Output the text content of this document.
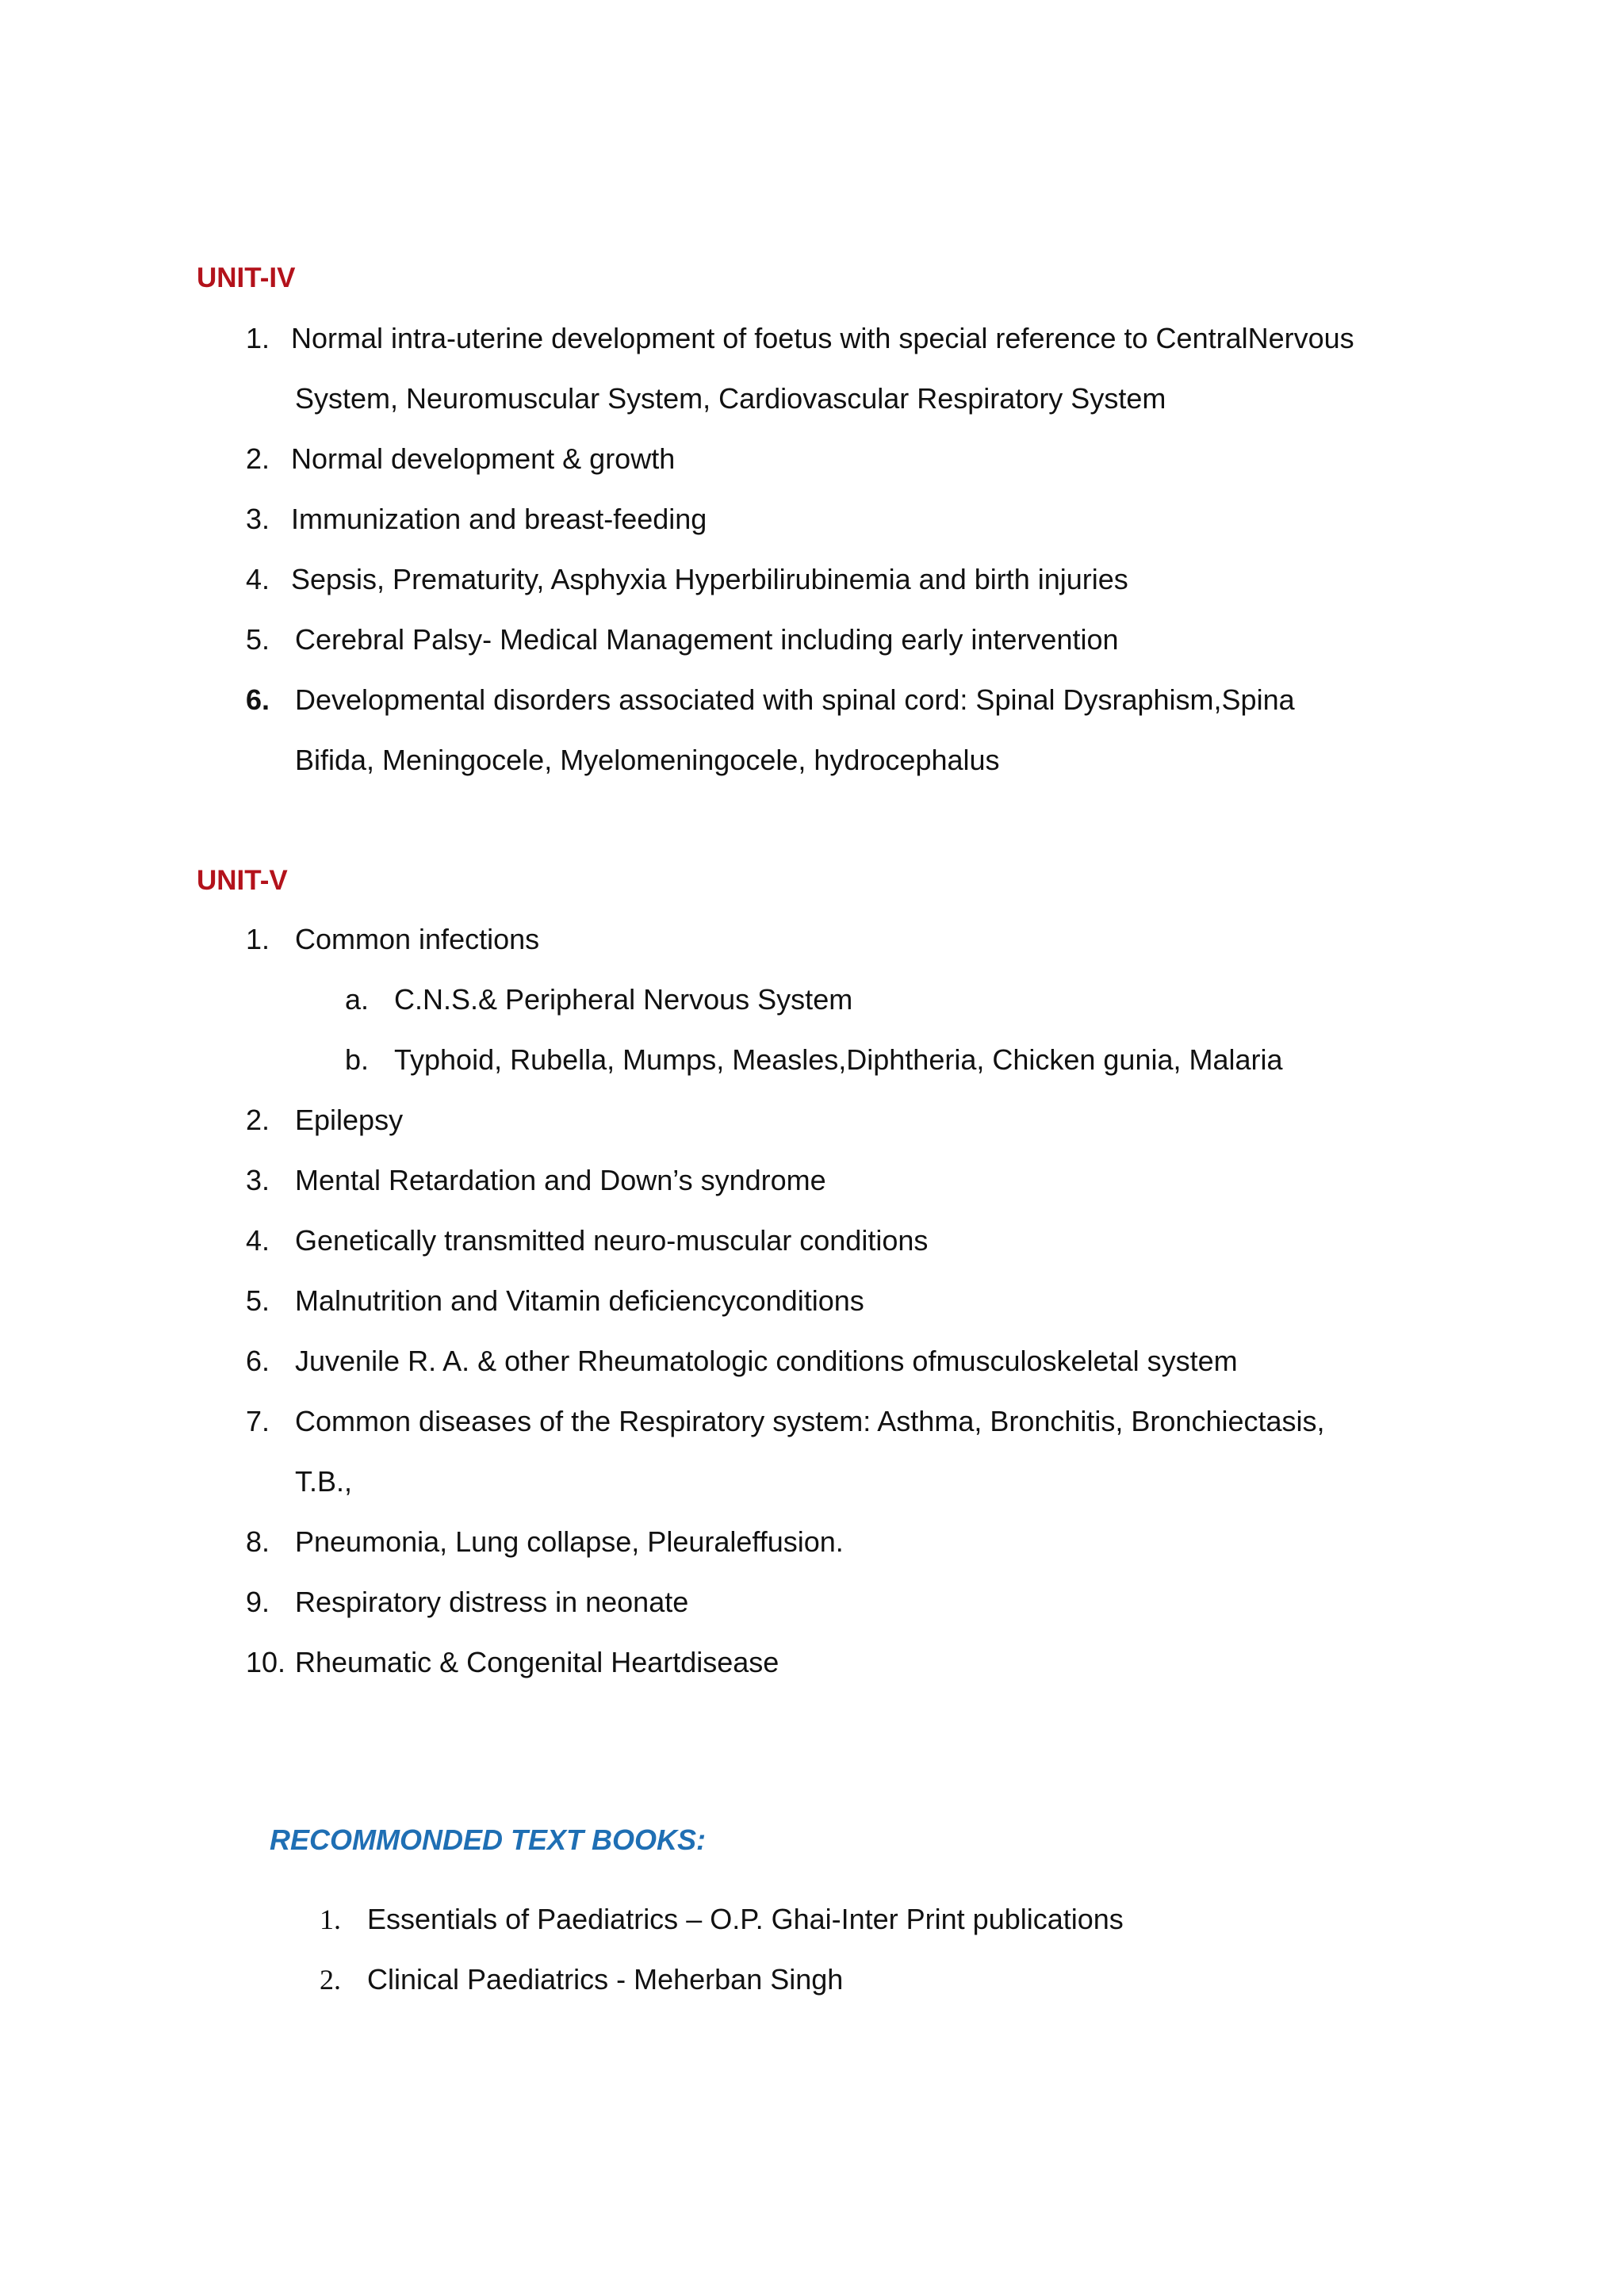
UNIT-IV
1. Normal intra-uterine development of foetus with special reference to CentralNervous
System, Neuromuscular System, Cardiovascular Respiratory System
2. Normal development & growth
3. Immunization and breast-feeding
4. Sepsis, Prematurity, Asphyxia Hyperbilirubinemia and birth injuries
5. Cerebral Palsy- Medical Management including early intervention
6. Developmental disorders associated with spinal cord: Spinal Dysraphism,Spina
Bifida, Meningocele, Myelomeningocele, hydrocephalus
UNIT-V
1. Common infections
a. C.N.S.& Peripheral Nervous System
b. Typhoid, Rubella, Mumps, Measles,Diphtheria, Chicken gunia, Malaria
2. Epilepsy
3. Mental Retardation and Down’s syndrome
4. Genetically transmitted neuro-muscular conditions
5. Malnutrition and Vitamin deficiencyconditions
6. Juvenile R. A. & other Rheumatologic conditions ofmusculoskeletal system
7. Common diseases of the Respiratory system: Asthma, Bronchitis, Bronchiectasis,
T.B.,
8. Pneumonia, Lung collapse, Pleuraleffusion.
9. Respiratory distress in neonate
10. Rheumatic & Congenital Heartdisease
RECOMMONDED TEXT BOOKS:
1. Essentials of Paediatrics – O.P. Ghai-Inter Print publications
2. Clinical Paediatrics - Meherban Singh
